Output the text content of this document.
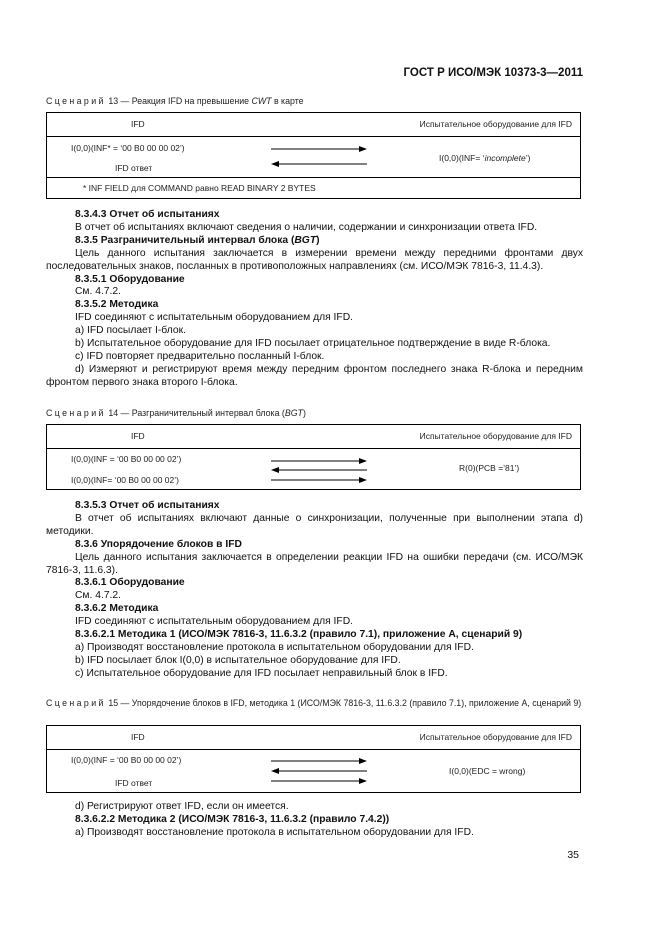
ГОСТ Р ИСО/МЭК 10373-3—2011
Сценарий 13 — Реакция IFD на превышение CWT в карте
IFD	Испытательное оборудование для IFD
I(0,0)(INF* = ‘00 B0 00 00 02’)
I(0,0)(INF= ‘incomplete’)
IFD ответ
* INF FIELD для COMMAND равно READ BINARY 2 BYTES

8.3.4.3 Отчет об испытаниях

В отчет об испытаниях включают сведения о наличии, содержании и синхронизации ответа IFD.

8.3.5 Разграничительный интервал блока (BGT)

Цель данного испытания заключается в измерении времени между передними фронтами двух последовательных знаков, посланных в противоположных направлениях (см. ИСО/МЭК 7816-3, 11.4.3).

8.3.5.1 Оборудование

См. 4.7.2.

8.3.5.2 Методика

IFD соединяют с испытательным оборудованием для IFD.

a) IFD посылает I-блок.

b) Испытательное оборудование для IFD посылает отрицательное подтверждение в виде R-блока.

c) IFD повторяет предварительно посланный I-блок.

d) Измеряют и регистрируют время между передним фронтом последнего знака R-блока и передним фронтом первого знака второго I-блока.

Сценарий 14 — Разграничительный интервал блока (BGT)
IFD	Испытательное оборудование для IFD
I(0,0)(INF = ‘00 B0 00 00 02’)
R(0)(PCB =’81’)
I(0,0)(INF= ‘00 B0 00 00 02’)

8.3.5.3 Отчет об испытаниях

В отчет об испытаниях включают данные о синхронизации, полученные при выполнении этапа d) методики.

8.3.6 Упорядочение блоков в IFD

Цель данного испытания заключается в определении реакции IFD на ошибки передачи (см. ИСО/МЭК 7816-3, 11.6.3).

8.3.6.1 Оборудование

См. 4.7.2.

8.3.6.2 Методика

IFD соединяют с испытательным оборудованием для IFD.

8.3.6.2.1 Методика 1 (ИСО/МЭК 7816-3, 11.6.3.2 (правило 7.1), приложение А, сценарий 9)

a) Производят восстановление протокола в испытательном оборудовании для IFD.

b) IFD посылает блок I(0,0) в испытательное оборудование для IFD.

c) Испытательное оборудование для IFD посылает неправильный блок в IFD.

Сценарий 15 — Упорядочение блоков в IFD, методика 1 (ИСО/МЭК 7816-3, 11.6.3.2 (правило 7.1), приложение А, сценарий 9)
IFD	Испытательное оборудование для IFD
I(0,0)(INF = ‘00 B0 00 00 02’)
I(0,0)(EDC = wrong)
IFD ответ

d) Регистрируют ответ IFD, если он имеется.

8.3.6.2.2 Методика 2 (ИСО/МЭК 7816-3, 11.6.3.2 (правило 7.4.2))

a) Производят восстановление протокола в испытательном оборудовании для IFD.

35
